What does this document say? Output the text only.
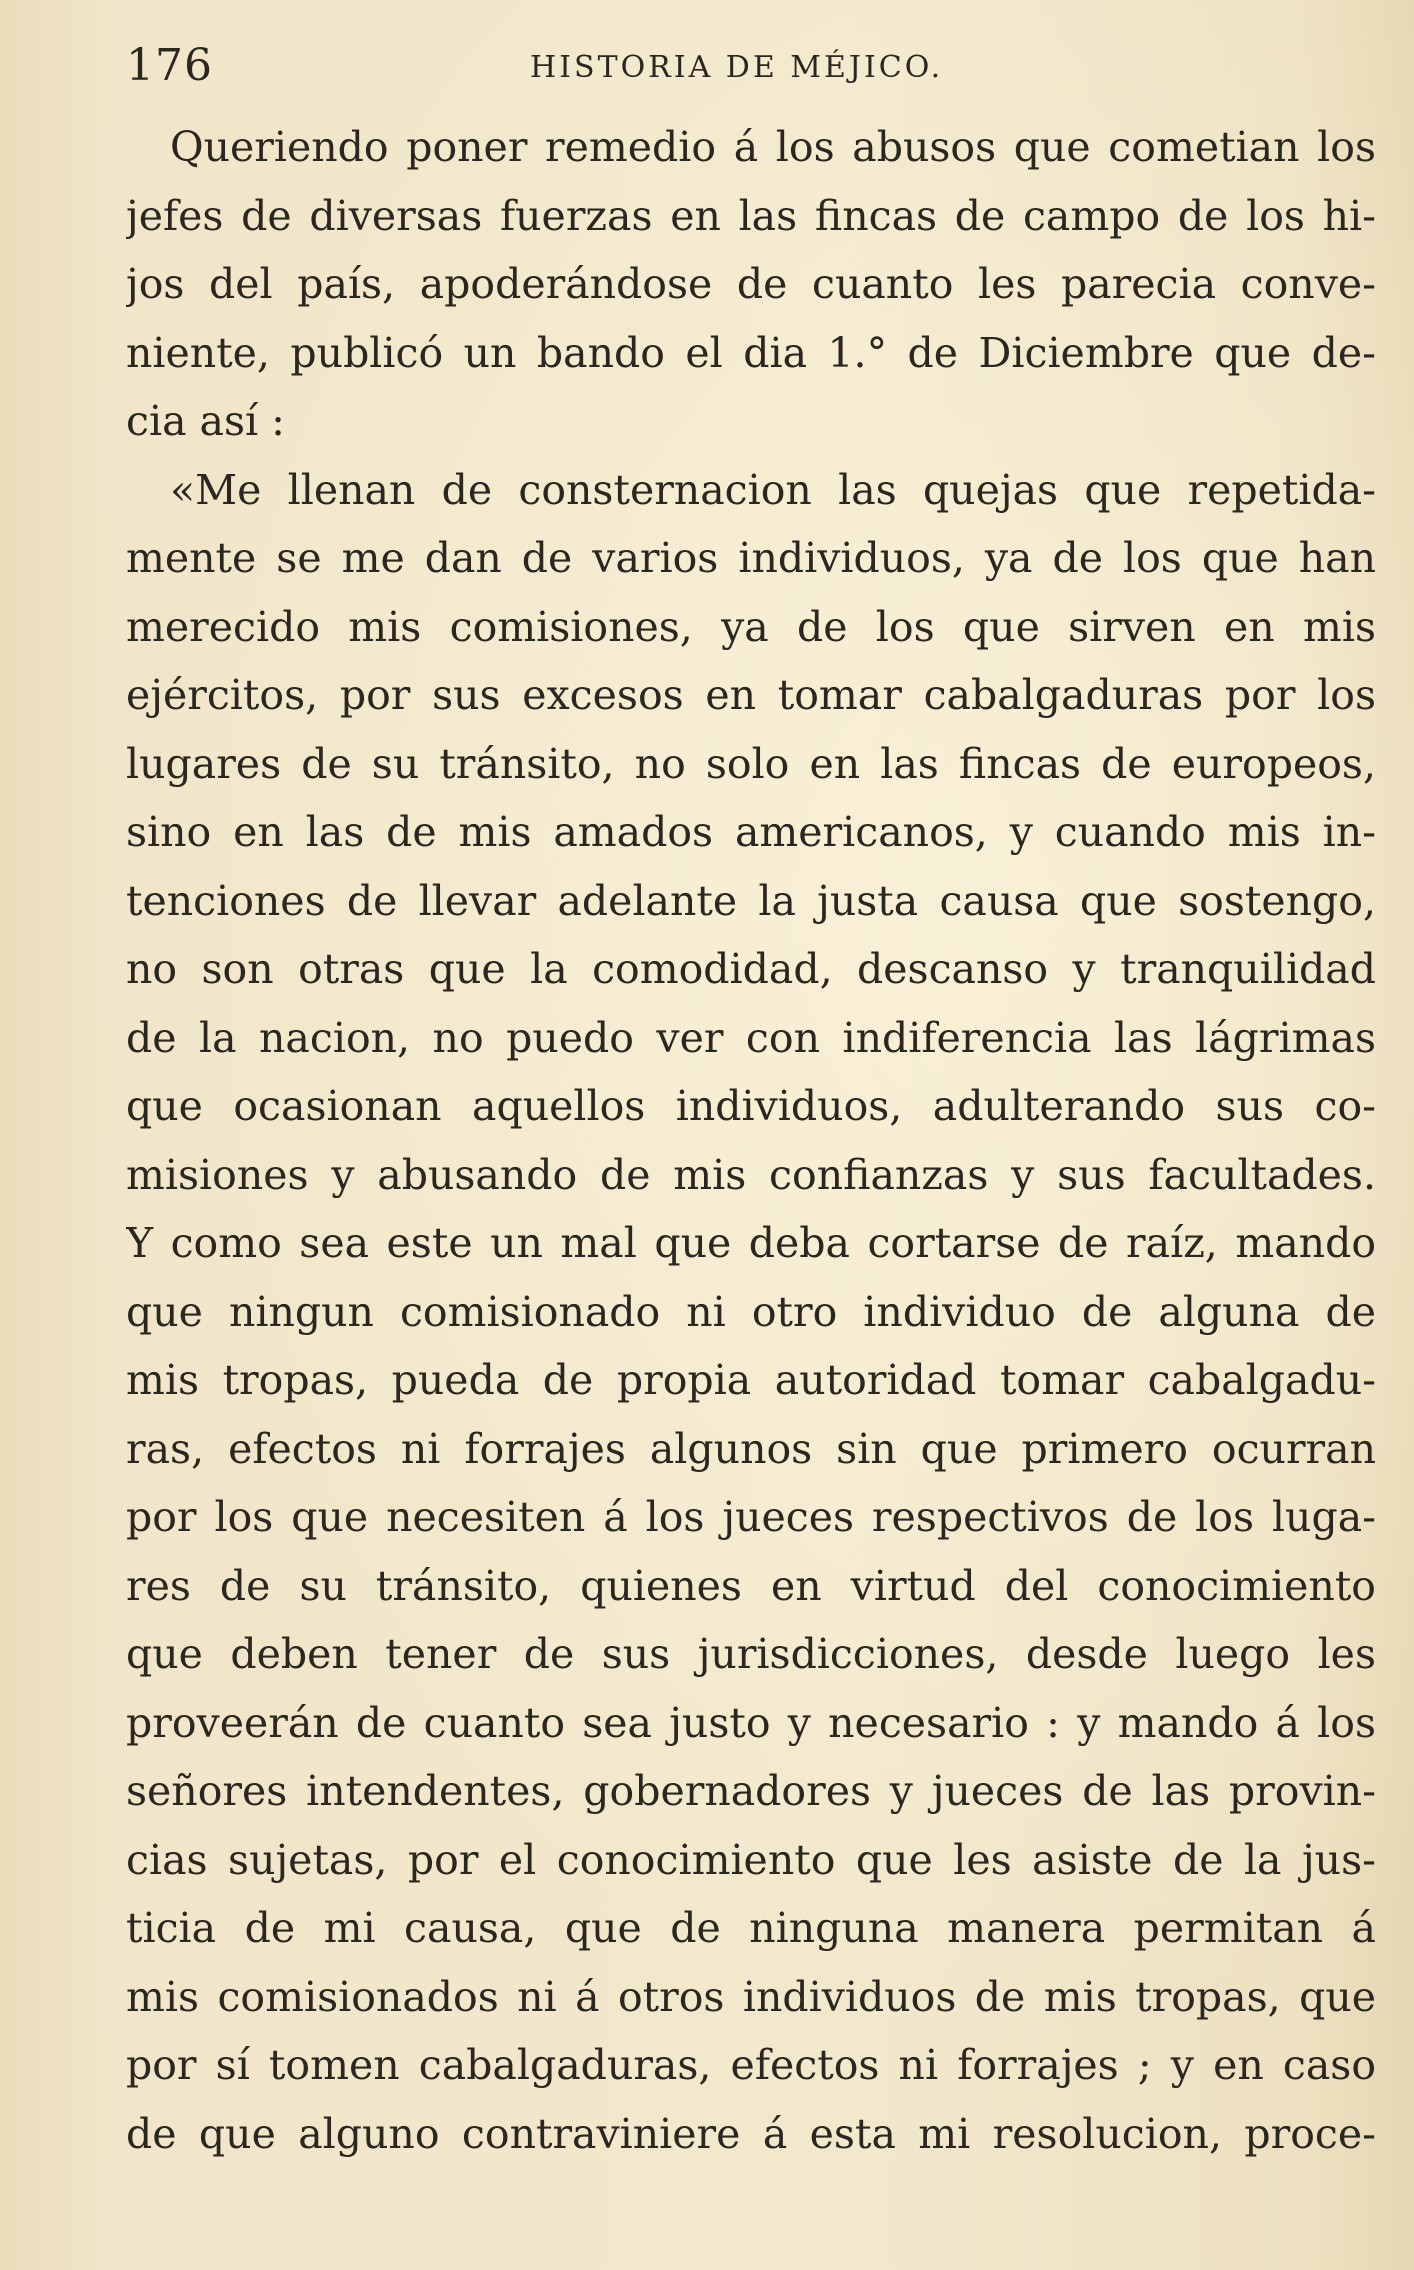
176	HISTORIA DE MÉJICO.
Queriendo poner remedio á los abusos que cometian los
jefes de diversas fuerzas en las fincas de campo de los hi-
jos del país, apoderándose de cuanto les parecia conve-
niente, publicó un bando el dia 1.° de Diciembre que de-
cia así :
«Me llenan de consternacion las quejas que repetida-
mente se me dan de varios individuos, ya de los que han
merecido mis comisiones, ya de los que sirven en mis
ejércitos, por sus excesos en tomar cabalgaduras por los
lugares de su tránsito, no solo en las fincas de europeos,
sino en las de mis amados americanos, y cuando mis in-
tenciones de llevar adelante la justa causa que sostengo,
no son otras que la comodidad, descanso y tranquilidad
de la nacion, no puedo ver con indiferencia las lágrimas
que ocasionan aquellos individuos, adulterando sus co-
misiones y abusando de mis confianzas y sus facultades.
Y como sea este un mal que deba cortarse de raíz, mando
que ningun comisionado ni otro individuo de alguna de
mis tropas, pueda de propia autoridad tomar cabalgadu-
ras, efectos ni forrajes algunos sin que primero ocurran
por los que necesiten á los jueces respectivos de los luga-
res de su tránsito, quienes en virtud del conocimiento
que deben tener de sus jurisdicciones, desde luego les
proveerán de cuanto sea justo y necesario : y mando á los
señores intendentes, gobernadores y jueces de las provin-
cias sujetas, por el conocimiento que les asiste de la jus-
ticia de mi causa, que de ninguna manera permitan á
mis comisionados ni á otros individuos de mis tropas, que
por sí tomen cabalgaduras, efectos ni forrajes ; y en caso
de que alguno contraviniere á esta mi resolucion, proce-
